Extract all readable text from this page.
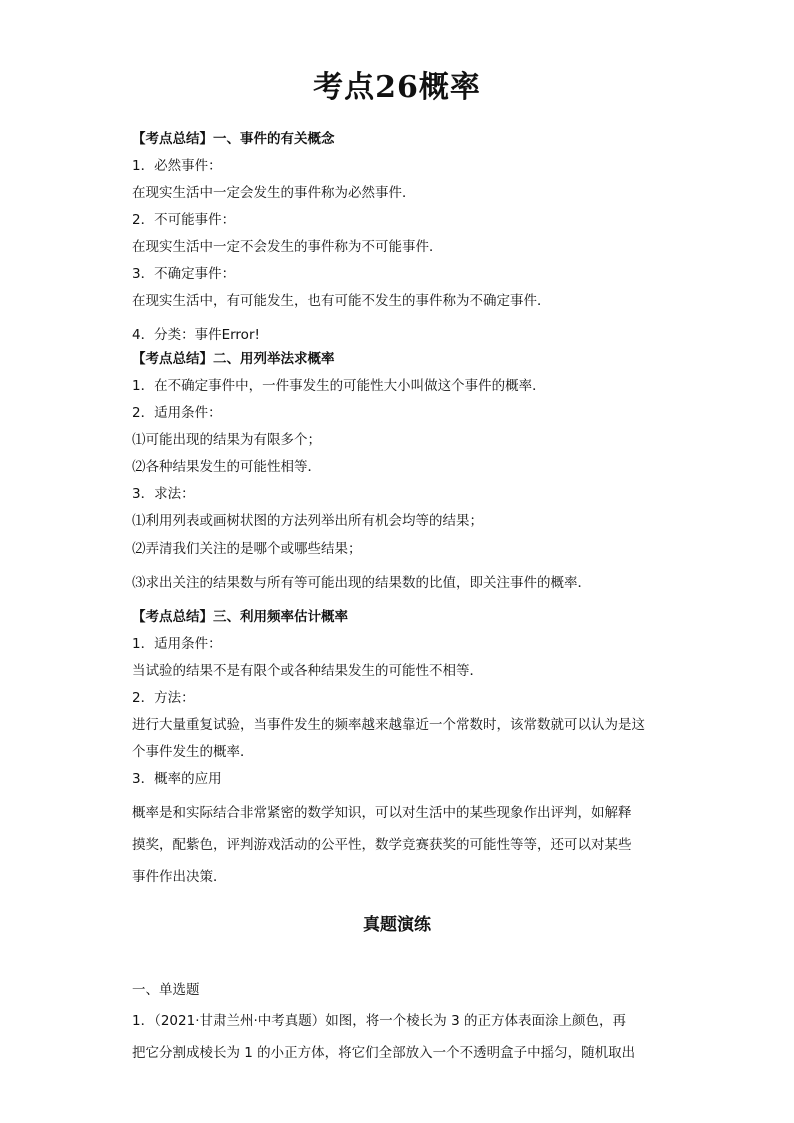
考点26概率
【考点总结】一、事件的有关概念
1．必然事件：
在现实生活中一定会发生的事件称为必然事件．
2．不可能事件：
在现实生活中一定不会发生的事件称为不可能事件．
3．不确定事件：
在现实生活中，有可能发生，也有可能不发生的事件称为不确定事件．
4．分类：事件Error!
【考点总结】二、用列举法求概率
1．在不确定事件中，一件事发生的可能性大小叫做这个事件的概率．
2．适用条件：
⑴可能出现的结果为有限多个；
⑵各种结果发生的可能性相等．
3．求法：
⑴利用列表或画树状图的方法列举出所有机会均等的结果；
⑵弄清我们关注的是哪个或哪些结果；
⑶求出关注的结果数与所有等可能出现的结果数的比值，即关注事件的概率．
【考点总结】三、利用频率估计概率
1．适用条件：
当试验的结果不是有限个或各种结果发生的可能性不相等．
2．方法：
进行大量重复试验，当事件发生的频率越来越靠近一个常数时，该常数就可以认为是这
个事件发生的概率．
3．概率的应用
概率是和实际结合非常紧密的数学知识，可以对生活中的某些现象作出评判，如解释
摸奖，配紫色，评判游戏活动的公平性，数学竞赛获奖的可能性等等，还可以对某些
事件作出决策．
真题演练
一、单选题
1．（2021·甘肃兰州·中考真题）如图，将一个棱长为 3 的正方体表面涂上颜色，再
把它分割成棱长为 1 的小正方体，将它们全部放入一个不透明盒子中摇匀，随机取出
